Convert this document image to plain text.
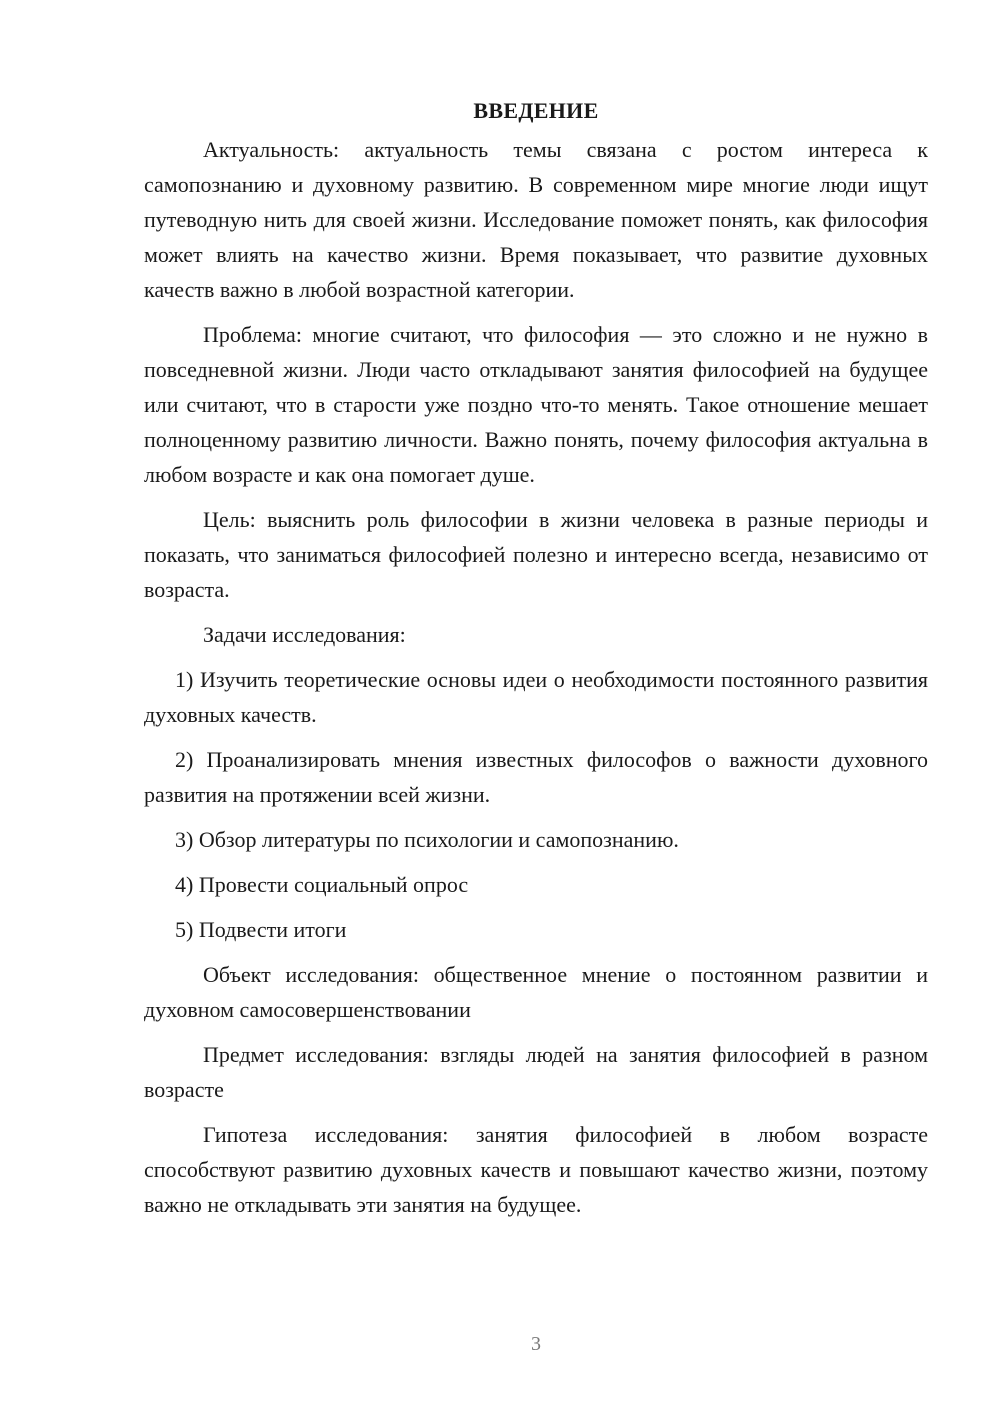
ВВЕДЕНИЕ

Актуальность: актуальность темы связана с ростом интереса к самопознанию и духовному развитию. В современном мире многие люди ищут путеводную нить для своей жизни. Исследование поможет понять, как философия может влиять на качество жизни. Время показывает, что развитие духовных качеств важно в любой возрастной категории.

Проблема: многие считают, что философия — это сложно и не нужно в повседневной жизни. Люди часто откладывают занятия философией на будущее или считают, что в старости уже поздно что-то менять. Такое отношение мешает полноценному развитию личности. Важно понять, почему философия актуальна в любом возрасте и как она помогает душе.

Цель: выяснить роль философии в жизни человека в разные периоды и показать, что заниматься философией полезно и интересно всегда, независимо от возраста.

Задачи исследования:

1) Изучить теоретические основы идеи о необходимости постоянного развития духовных качеств.

2) Проанализировать мнения известных философов о важности духовного развития на протяжении всей жизни.

3) Обзор литературы по психологии и самопознанию.

4) Провести социальный опрос

5) Подвести итоги

Объект исследования: общественное мнение о постоянном развитии и духовном самосовершенствовании

Предмет исследования: взгляды людей на занятия философией в разном возрасте

Гипотеза исследования: занятия философией в любом возрасте способствуют развитию духовных качеств и повышают качество жизни, поэтому важно не откладывать эти занятия на будущее.

3
